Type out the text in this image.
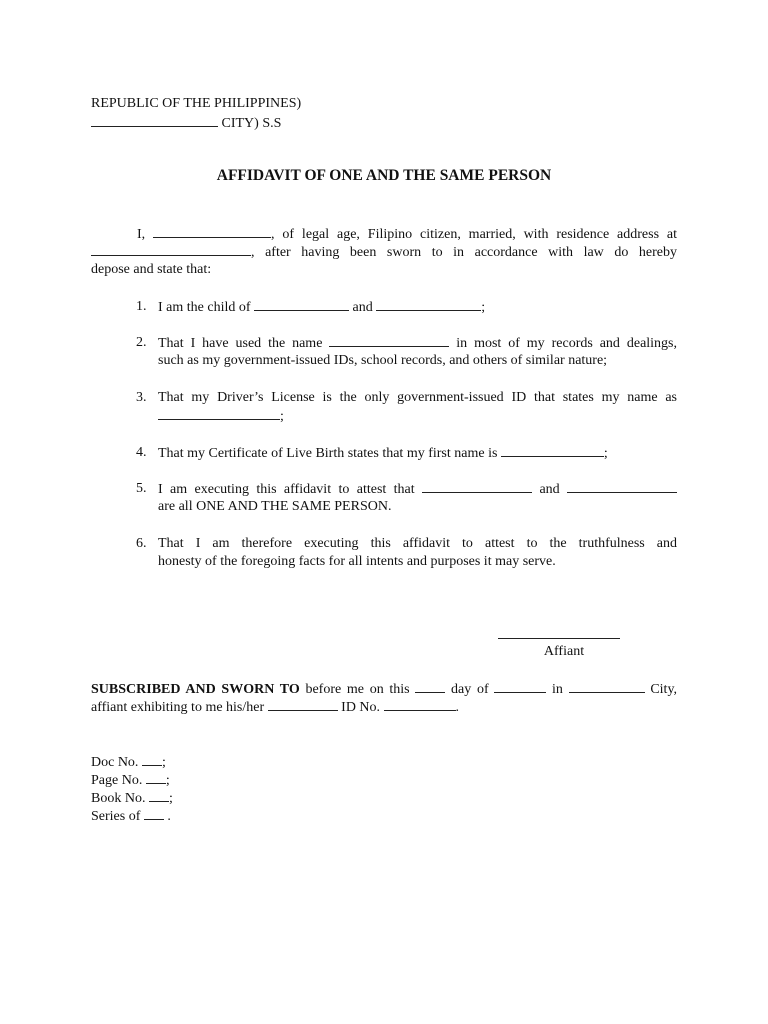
REPUBLIC OF THE PHILIPPINES)
CITY) S.S
AFFIDAVIT OF ONE AND THE SAME PERSON
I,	, of legal age, Filipino citizen, married, with residence address at
, after having been sworn to in accordance with law do hereby
depose and state that:
1. I am the child of	and	;
2. That I have used the name	in most of my records and dealings,
such as my government-issued IDs, school records, and others of similar nature;
3. That my Driver’s License is the only government-issued ID that states my name as
;
4. That my Certificate of Live Birth states that my first name is	;
5. I am executing this affidavit to attest that	and
are all ONE AND THE SAME PERSON.
6. That I am therefore executing this affidavit to attest to the truthfulness and
honesty of the foregoing facts for all intents and purposes it may serve.
Affiant
SUBSCRIBED AND SWORN TO before me on this	day of	in	City,
affiant exhibiting to me his/her	ID No.	.
Doc No. ;
Page No. ;
Book No. ;
Series of .
